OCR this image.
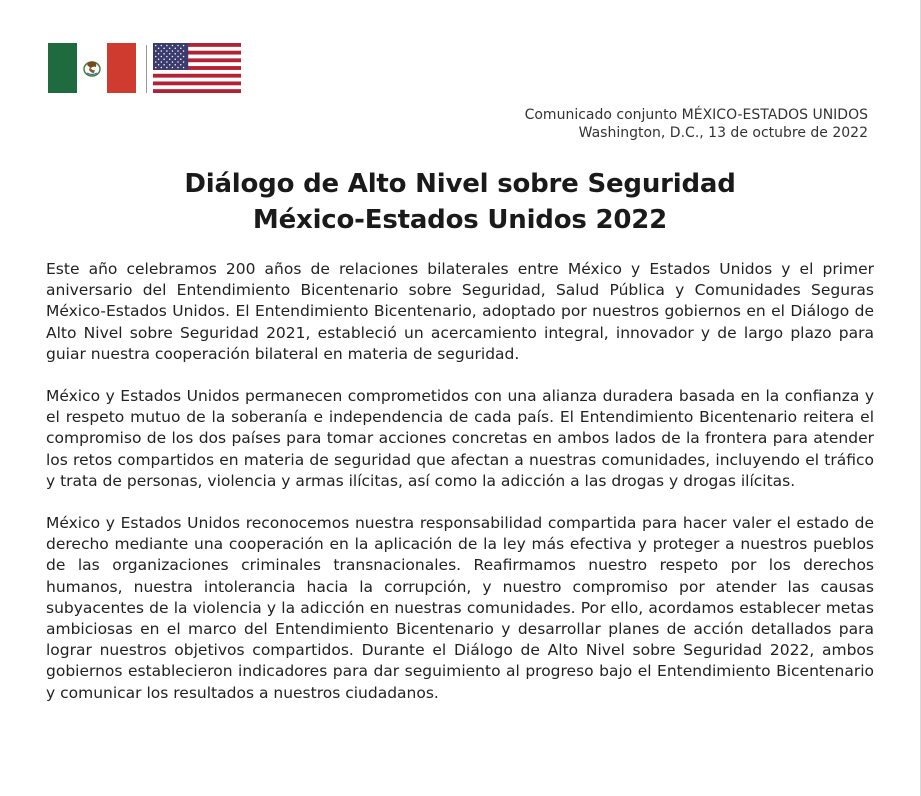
Comunicado conjunto MÉXICO-ESTADOS UNIDOS
Washington, D.C., 13 de octubre de 2022
Diálogo de Alto Nivel sobre Seguridad
México-Estados Unidos 2022

Este año celebramos 200 años de relaciones bilaterales entre México y Estados Unidos y el primer aniversario del Entendimiento Bicentenario sobre Seguridad, Salud Pública y Comunidades Seguras México-Estados Unidos. El Entendimiento Bicentenario, adoptado por nuestros gobiernos en el Diálogo de Alto Nivel sobre Seguridad 2021, estableció un acercamiento integral, innovador y de largo plazo para guiar nuestra cooperación bilateral en materia de seguridad.

México y Estados Unidos permanecen comprometidos con una alianza duradera basada en la confianza y el respeto mutuo de la soberanía e independencia de cada país. El Entendimiento Bicentenario reitera el compromiso de los dos países para tomar acciones concretas en ambos lados de la frontera para atender los retos compartidos en materia de seguridad que afectan a nuestras comunidades, incluyendo el tráfico y trata de personas, violencia y armas ilícitas, así como la adicción a las drogas y drogas ilícitas.

México y Estados Unidos reconocemos nuestra responsabilidad compartida para hacer valer el estado de derecho mediante una cooperación en la aplicación de la ley más efectiva y proteger a nuestros pueblos de las organizaciones criminales transnacionales. Reafirmamos nuestro respeto por los derechos humanos, nuestra intolerancia hacia la corrupción, y nuestro compromiso por atender las causas subyacentes de la violencia y la adicción en nuestras comunidades. Por ello, acordamos establecer metas ambiciosas en el marco del Entendimiento Bicentenario y desarrollar planes de acción detallados para lograr nuestros objetivos compartidos. Durante el Diálogo de Alto Nivel sobre Seguridad 2022, ambos gobiernos establecieron indicadores para dar seguimiento al progreso bajo el Entendimiento Bicentenario y comunicar los resultados a nuestros ciudadanos.
